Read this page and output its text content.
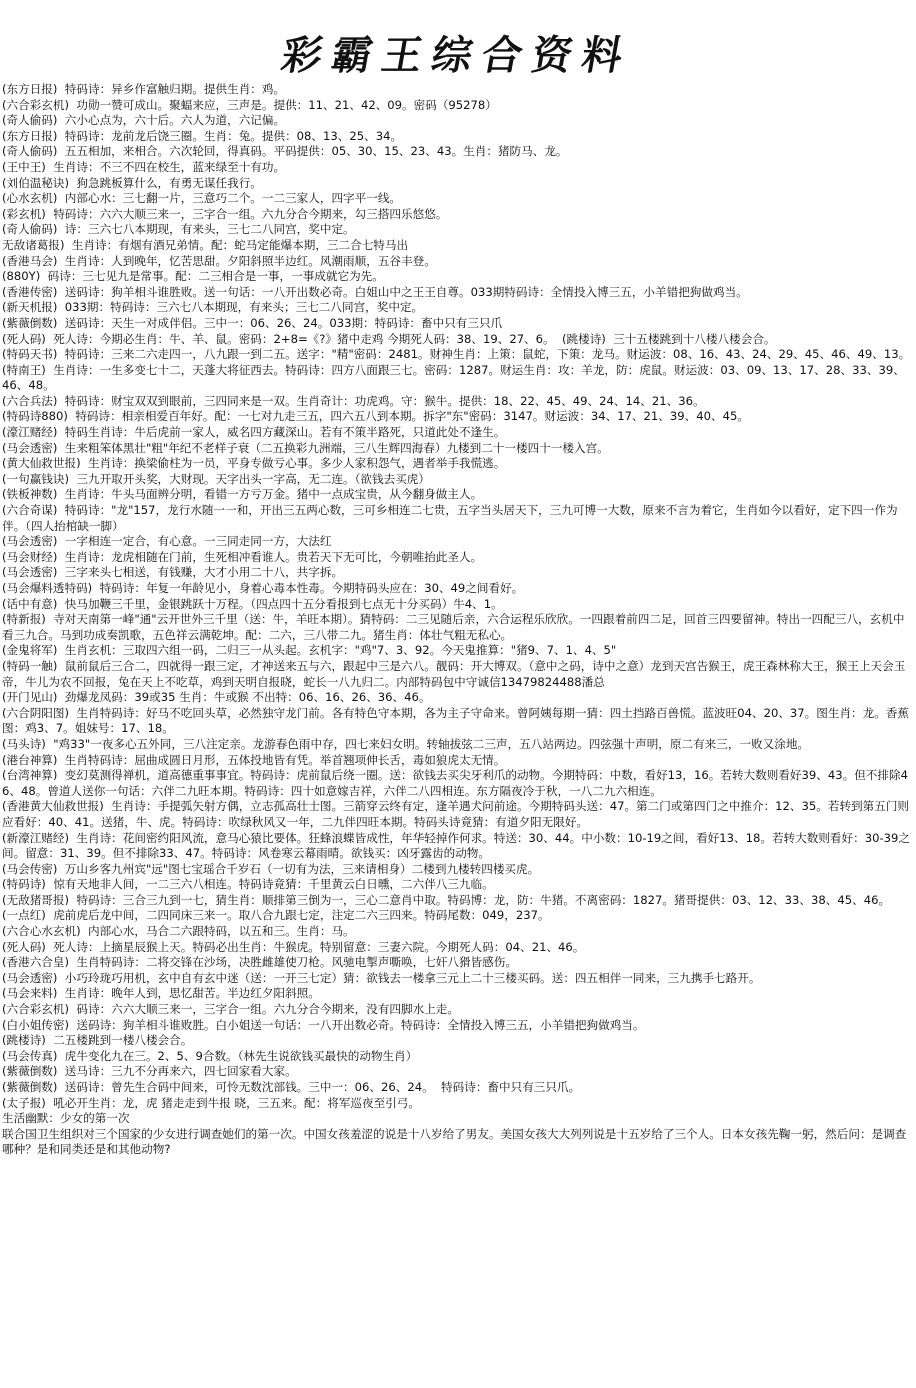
彩霸王综合资料

(东方日报)  特码诗：异乡作富触归期。提供生肖：鸡。

(六合彩玄机)  功勋一赞可成山。聚蝠来应，三声是。提供：11、21、42、09。密码（95278）

(奇人偷码)  六小心点为，六十后。六人为道，六记偏。

(东方日报)  特码诗：龙前龙后饶三圈。生肖：兔。提供：08、13、25、34。

(奇人偷码)  五五相加，来相合。六次轮回，得真码。平码提供：05、30、15、23、43。生肖：猪防马、龙。

(王中王)  生肖诗：不三不四在校生，蓝来绿至十有功。

(刘伯温秘诀)  狗急跳板算什么，有勇无谋任我行。

(心水玄机)  内部心水：三七翻一片，三意巧二个。一二三家人，四字平一线。

(彩玄机)  特码诗：六六大顺三来一，三字合一组。六九分合今期来，勾三搭四乐悠悠。

(奇人偷码)  诗：三六七八本期现，有来头，三七二八同宫，奖中定。

无敌诸葛报)  生肖诗：有烟有酒兄弟情。配：蛇马定能爆本期，三二合七特马出

(香港马会)  生肖诗：人到晚年，忆苦思甜。夕阳斜照半边红。风潮雨顺，五谷丰登。

(880Y)  码诗：三七见九是常事。配：二三相合是一事，一事成就它为先。

(香港传密)  送码诗：狗羊相斗谁胜败。送一句话：一八开出数必奇。白姐山中之王王自尊。033期特码诗：全情投入博三五，小羊错把狗做鸡当。

(新天机报)  033期：特码诗：三六七八本期现，有来头；三七二八同宫，奖中定。

(紫薇倒数)  送码诗：天生一对成伴侣。三中一：06、26、24。033期：特码诗：畜中只有三只爪

(死人码)  死人诗：今期必生肖：牛、羊、鼠。密码：2+8=《?》猪中走鸡 今期死人码：38、19、27、6。  (跳楼诗)  三十五楼跳到十八楼八楼会合。

(特码天书)  特码诗：三来二六走四一，八九跟一到二五。送字："精"密码：2481。财神生肖：上策：鼠蛇，下策：龙马。财运波：08、16、43、24、29、45、46、49、13。

(特南王)  生肖诗：一生多变七十二，天蓬大将征西去。特码诗：四方八面跟三七。密码：1287。财运生肖：攻：羊龙，防：虎鼠。财运波：03、09、13、17、28、33、39、46、48。

(六合兵法)  特码诗：财宝双双到眼前，三四同来是一双。生肖奇计：功虎鸡。守：猴牛。提供：18、22、45、49、24、14、21、36。

(特码诗880)  特码诗：相亲相爱百年好。配：一七对九走三五，四六五八到本期。拆字"东"密码：3147。财运波：34、17、21、39、40、45。

(濠江赌经)  特码生肖诗：牛后虎前一家人，威名四方藏深山。若有不策半路死，只道此处不逢生。

(马会透密)  生来粗笨体黑壮"粗"年纪不老样子衰（二五换彩九洲端，三八生辉四海春）九楼到二十一楼四十一楼入宫。

(黄大仙救世报)  生肖诗：换梁偷柱为一员，平身专做亏心事。多少人家积怨气，遇者举手我慌逃。

(一句赢钱诀)  三九开取开头奖，大财现。天字出头一字高，无二连。（欲钱去买虎）

(铁板神数)  生肖诗：牛头马面辨分明，看错一方亏万金。猪中一点成宝贵，从今翻身做主人。

(六合奇谋)  特码诗："龙"157，龙行水随一一和，开出三五两心数，三可乡相连二七贵，五字当头居天下，三九可博一大数，原来不言为着它，生肖如今以看好，定下四一作为伴。（四人抬棺缺一脚）

(马会透密)  一字相连一定合，有心意。一三同走同一方，大法红

(马会财经)  生肖诗：龙虎相随在门前，生死相冲看谁人。贵若天下无可比，今朝唯抬此圣人。

(马会透密)  三字来头七相送，有钱赚，大才小用二十八，共字拆。

(马会爆料透特码)  特码诗：年复一年龄见小，身着心毒本性毒。今期特码头应在：30、49之间看好。

(话中有意)  快马加鞭三千里，金银跳跃十万程。（四点四十五分看报到七点无十分买码）牛4、1。

(特新报)  寺对天南第一峰"通"云开世外三千里（送：牛，羊旺本期）。猜特码：二三见随后亲，六合运程乐欣欣。一四跟着前四二足，回首三四要留神。特出一四配三八，玄机中看三九合。马到功成奏凯歌，五色祥云满乾坤。配：二六，三八带二九。猪生肖：体壮气粗无私心。

(金鬼将军)  生肖玄机：三取四六组一码，二归三一从头起。玄机字："鸡"7、3、92。今天鬼推算："猪9、7、1、4、5"

(特码一触)  鼠前鼠后三合二，四就得一跟三定，才神送来五与六，跟起中三是六八。靓码：开大博双。（意中之码，诗中之意）龙到天宫告猴王，虎王森林称大王，猴王上天会玉帝，牛儿为农不回报，兔在天上不吃草，鸡到天明自报晓，蛇长一八九归二。内部特码包中守诚信13479824488潘总

(开门见山)  劲爆龙凤码：39或35 生肖：牛或猴 不出特：06、16、26、36、46。

(六合阴阳图)  生肖特码诗：好马不吃回头草，必然独守龙门前。各有特色守本期，各为主子守命来。曾阿姨每期一猜：四土挡路百兽慌。蓝波旺04、20、37。图生肖：龙。香蕉图：鸡3、7。姐妹号：17、18。

(马头诗)  "鸡33"一夜多心五外同，三八注定亲。龙游春色雨中存，四七来妇女明。转轴拔弦二三声，五八站两边。四弦强十声明，原二有来三，一败又涂地。

(港台神算)  生肖特码诗：屈曲成圆日月形，五体投地皆有凭。举首翘项伸长舌，毒如狼虎太无情。

(台湾神算)  变幻莫测得禅机，道高德重事事宜。特码诗：虎前鼠后绕一圈。送：欲钱去买尖牙利爪的动物。今期特码：中数，看好13，16。若转大数则看好39、43。但不排除46、48。曾道人送你一句话：六伴二九旺本期。特码诗：四十如意嫁吉祥，六伴二八四相连。东方隔夜冷于秋，一八二九六相连。

(香港黄大仙救世报)  生肖诗：手提弧矢射方偶，立志孤高壮士图。三箭穿云终有定，逢羊遇犬问前途。今期特码头送：47。第二门或第四门之中推介：12、35。若转到第五门则应看好：40、41。送猪，牛、虎。特码诗：吹绿秋风又一年，二九伴四旺本期。特码头诗竟猜：有道夕阳无限好。

(新濠江赌经)  生肖诗：花间密约阳风流，意马心猿比要体。狂蜂浪蝶皆成性，年华轻掉作何求。特送：30、44。中小数：10-19之间，看好13、18。若转大数则看好：30-39之间。留意：31、39。但不排除33、47。特码诗：风卷寒云幕雨晴。欲钱买：凶牙露齿的动物。

(马会传密)  万山乡客九州宾"远"图七宝瑶合千岁石（一切有为法，三来请相身）二楼到九楼转四楼买虎。

(特码诗)  惊有天地非人间，一二三六八相连。特码诗竟猜：千里黄云白日曛，二六伴八三九临。

(无敌猪哥报)  特码诗：三合三九到一七，猜生肖：顺排第三倒为一，三心二意肖中取。特码博：龙，防：牛猪。不离密码：1827。猪哥提供：03、12、33、38、45、46。

(一点红)  虎前虎后龙中间，二四同床三来一。取八合九跟七定，注定二六三四来。特码尾数：049，237。

(六合心水玄机)  内部心水，马合二六跟特码，以五和三。生肖：马。

(死人码)  死人诗：上摘星辰猴上天。特码必出生肖：牛猴虎。特别留意：三妻六院。今期死人码：04、21、46。

(香港六合皇)  生肖特码诗：二将交锋在沙场，决胜雌雄使刀枪。风驰电掣声嘶唤，七奸八猾皆感伤。

(马会透密)  小巧玲珑巧用机，玄中自有玄中迷（送：一开三七定）猜：欲钱去一楼拿三元上二十三楼买码。送：四五相伴一同来，三九携手七路开。

(马会来料)  生肖诗：晚年人到，思忆甜苦。半边红夕阳斜照。

(六合彩玄机)  码诗：六六大顺三来一，三字合一组。六九分合今期来，没有四脚水上走。

(白小姐传密)  送码诗：狗羊相斗谁败胜。白小姐送一句话：一八开出数必奇。特码诗：全情投入博三五，小羊错把狗做鸡当。

(跳楼诗)  二五楼跳到一楼八楼会合。

(马会传真)  虎牛变化九在三。2、5、9合数。（林先生说欲钱买最快的动物生肖）

(紫薇倒数)  送马诗：三九不分再来六，四七回家看大家。

(紫薇倒数)  送码诗：曾先生合码中间来，可怜无数沈部钱。三中一：06、26、24。  特码诗：畜中只有三只爪。

(太子报)  吼必开生肖：龙，虎 猪走走到牛报 晓，三五来。配：将军巡夜至引弓。

生活幽默：少女的第一次

联合国卫生组织对三个国家的少女进行调查她们的第一次。中国女孩羞涩的说是十八岁给了男友。美国女孩大大列列说是十五岁给了三个人。日本女孩先鞠一躬，然后问：是调查哪种？是和同类还是和其他动物?
